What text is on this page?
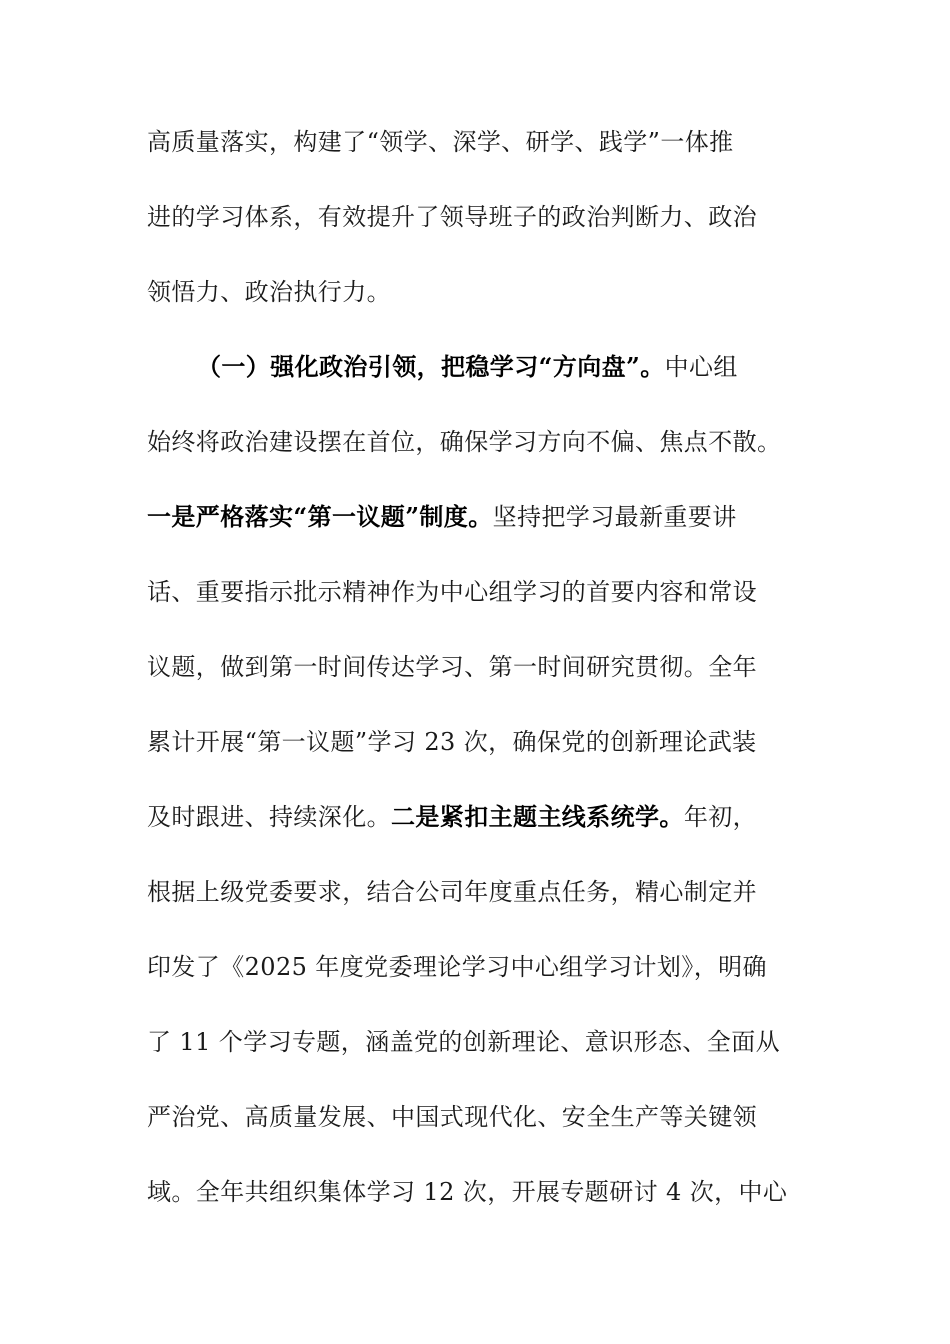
高质量落实，构建了“领学、深学、研学、践学”一体推
进的学习体系，有效提升了领导班子的政治判断力、政治
领悟力、政治执行力。
（一）强化政治引领，把稳学习“方向盘”。中心组
始终将政治建设摆在首位，确保学习方向不偏、焦点不散。
一是严格落实“第一议题”制度。坚持把学习最新重要讲
话、重要指示批示精神作为中心组学习的首要内容和常设
议题，做到第一时间传达学习、第一时间研究贯彻。全年
累计开展“第一议题”学习 23 次，确保党的创新理论武装
及时跟进、持续深化。二是紧扣主题主线系统学。年初，
根据上级党委要求，结合公司年度重点任务，精心制定并
印发了《2025 年度党委理论学习中心组学习计划》，明确
了 11 个学习专题，涵盖党的创新理论、意识形态、全面从
严治党、高质量发展、中国式现代化、安全生产等关键领
域。全年共组织集体学习 12 次，开展专题研讨 4 次，中心
